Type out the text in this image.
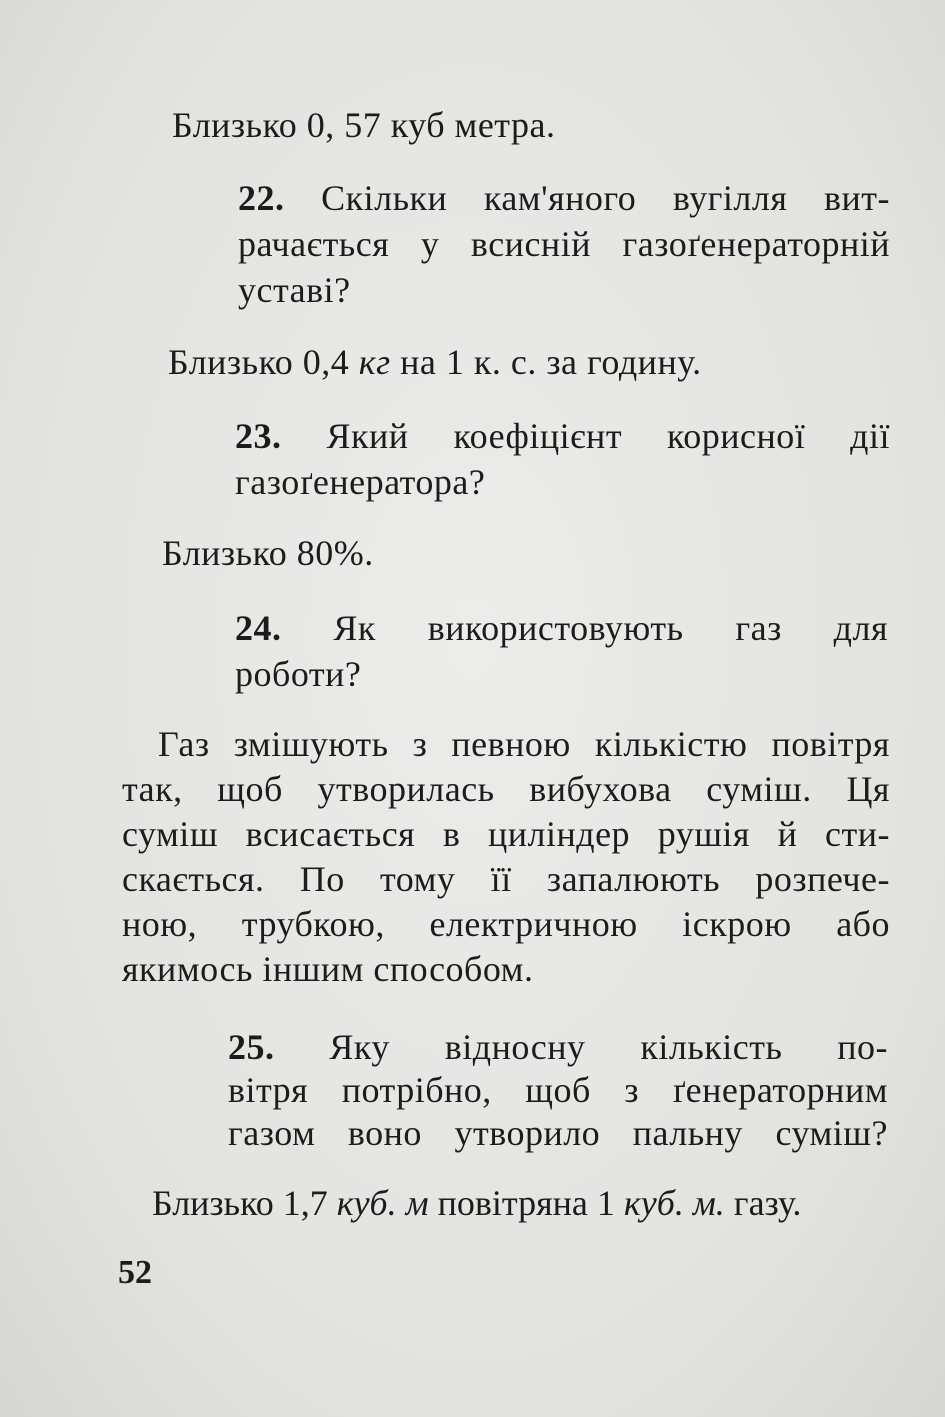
Близько 0, 57 куб метра.
22. Скільки кам'яного вугілля вит-
рачається у всисній газоґенераторній
уставі?
Близько 0,4 кг на 1 к. с. за годину.
23. Який коефіцієнт корисної дії
газоґенератора?
Близько 80%.
24. Як використовують газ для
роботи?
Газ змішують з певною кількістю повітря
так, щоб утворилась вибухова суміш. Ця
суміш всисається в циліндер рушія й сти-
скається. По тому її запалюють розпече-
ною, трубкою, електричною іскрою або
якимось іншим способом.
25. Яку відносну кількість по-
вітря потрібно, щоб з ґенераторним
газом воно утворило пальну суміш?
Близько 1,7 куб. м повітряна 1 куб. м. газу.
52
